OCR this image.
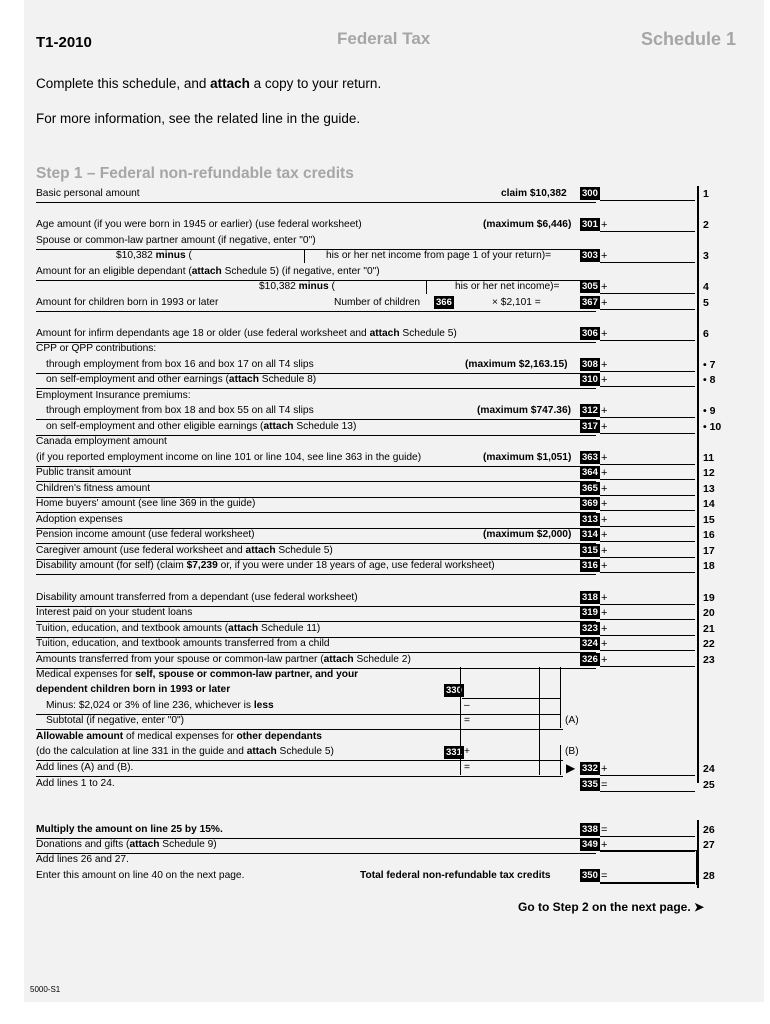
T1-2010	Federal Tax	Schedule 1
Complete this schedule, and attach a copy to your return.
For more information, see the related line in the guide.
Step 1 – Federal non-refundable tax credits
Go to Step 2 on the next page. ➤
5000-S1
Basic personal amount	claim $10,382 300	1
Age amount (if you were born in 1945 or earlier) (use federal worksheet)	(maximum $6,446) 301 +	2
Spouse or common-law partner amount (if negative, enter "0")
$10,382 minus (	his or her net income from page 1 of your return)=	303 +	3
Amount for an eligible dependant (attach Schedule 5) (if negative, enter "0")
$10,382 minus (	his or her net income)= 305 +	4
Amount for children born in 1993 or later	Number of children 366	× $2,101 =	367 +	5
Amount for infirm dependants age 18 or older (use federal worksheet and attach Schedule 5)	306 +	6
CPP or QPP contributions:
through employment from box 16 and box 17 on all T4 slips	(maximum $2,163.15) 308 +	• 7
on self-employment and other earnings (attach Schedule 8)	310 +	• 8
Employment Insurance premiums:
through employment from box 18 and box 55 on all T4 slips	(maximum $747.36) 312 +	• 9
on self-employment and other eligible earnings (attach Schedule 13)	317 +	• 10
Canada employment amount
(if you reported employment income on line 101 or line 104, see line 363 in the guide)	(maximum $1,051) 363 +	11
Public transit amount	364 +	12
Children's fitness amount	365 +	13
Home buyers' amount (see line 369 in the guide)	369 +	14
Adoption expenses	313 +	15
Pension income amount (use federal worksheet)	(maximum $2,000) 314 +	16
Caregiver amount (use federal worksheet and attach Schedule 5)	315 +	17
Disability amount (for self) (claim $7,239 or, if you were under 18 years of age, use federal worksheet)	316 +	18
Disability amount transferred from a dependant (use federal worksheet)	318 +	19
Interest paid on your student loans	319 +	20
Tuition, education, and textbook amounts (attach Schedule 11)	323 +	21
Tuition, education, and textbook amounts transferred from a child	324 +	22
Amounts transferred from your spouse or common-law partner (attach Schedule 2)	326 +	23
Medical expenses for self, spouse or common-law partner, and your
dependent children born in 1993 or later	330
Minus: $2,024 or 3% of line 236, whichever is less	–
Subtotal (if negative, enter "0")	=	(A)
Allowable amount of medical expenses for other dependants
(do the calculation at line 331 in the guide and attach Schedule 5)	331 +	(B)
Add lines (A) and (B).	=	▶ 332 +	24
Add lines 1 to 24.	335 =	25
Multiply the amount on line 25 by 15%.	338 =	26
Donations and gifts (attach Schedule 9)	349 +	27
Add lines 26 and 27.
Enter this amount on line 40 on the next page.	Total federal non-refundable tax credits	350 =	28
